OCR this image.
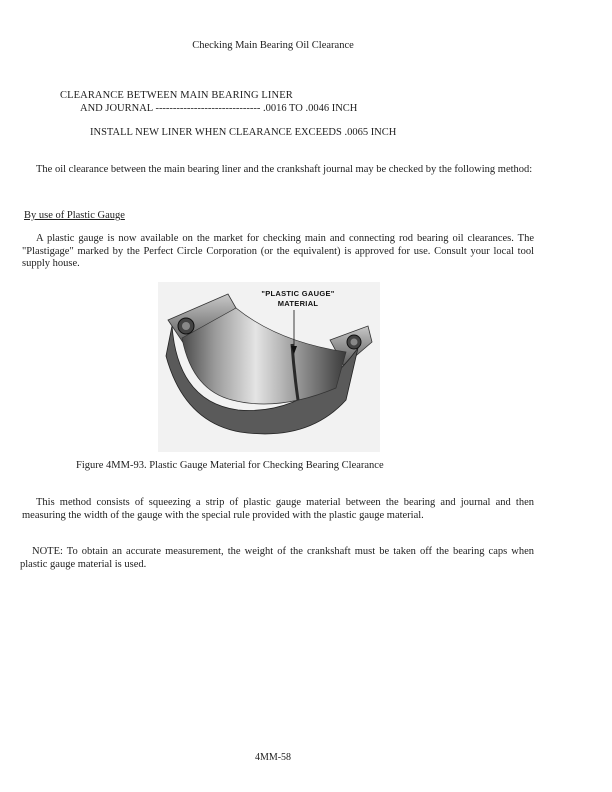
Checking Main Bearing Oil Clearance
CLEARANCE BETWEEN MAIN BEARING LINER
AND JOURNAL ------------------------------ .0016 TO .0046 INCH
INSTALL NEW LINER WHEN CLEARANCE EXCEEDS .0065 INCH
The oil clearance between the main bearing liner and the crankshaft journal may be checked by the following method:
By use of Plastic Gauge
A plastic gauge is now available on the market for checking main and connecting rod bearing oil clearances. The "Plastigage" marked by the Perfect Circle Corporation (or the equivalent) is approved for use. Consult your local tool supply house.
"PLASTIC GAUGE"
MATERIAL
Figure 4MM-93. Plastic Gauge Material for Checking Bearing Clearance
This method consists of squeezing a strip of plastic gauge material between the bearing and journal and then measuring the width of the gauge with the special rule provided with the plastic gauge material.
NOTE: To obtain an accurate measurement, the weight of the crankshaft must be taken off the bearing caps when plastic gauge material is used.
4MM-58
